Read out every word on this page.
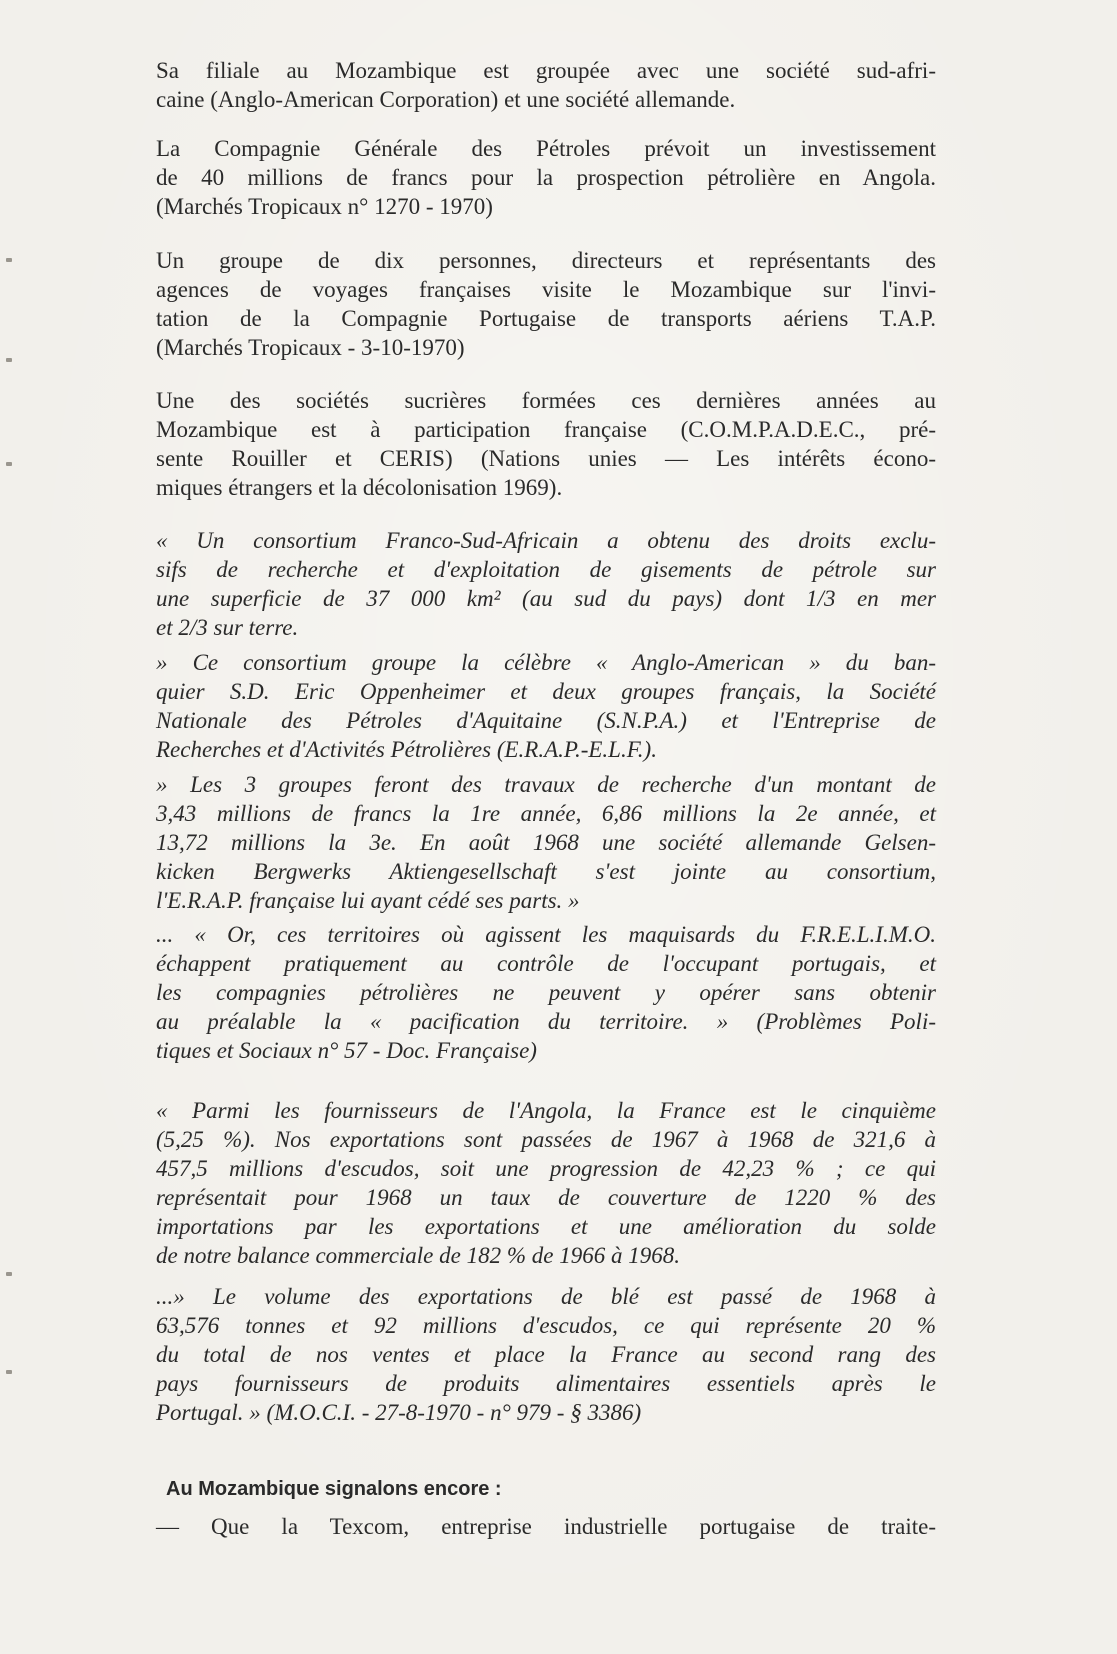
Sa filiale au Mozambique est groupée avec une société sud-afri-
caine (Anglo-American Corporation) et une société allemande.
La Compagnie Générale des Pétroles prévoit un investissement
de 40 millions de francs pour la prospection pétrolière en Angola.
(Marchés Tropicaux n° 1270 - 1970)
Un groupe de dix personnes, directeurs et représentants des
agences de voyages françaises visite le Mozambique sur l'invi-
tation de la Compagnie Portugaise de transports aériens T.A.P.
(Marchés Tropicaux - 3-10-1970)
Une des sociétés sucrières formées ces dernières années au
Mozambique est à participation française (C.O.M.P.A.D.E.C., pré-
sente Rouiller et CERIS) (Nations unies — Les intérêts écono-
miques étrangers et la décolonisation 1969).
« Un consortium Franco-Sud-Africain a obtenu des droits exclu-
sifs de recherche et d'exploitation de gisements de pétrole sur
une superficie de 37 000 km² (au sud du pays) dont 1/3 en mer
et 2/3 sur terre.
» Ce consortium groupe la célèbre « Anglo-American » du ban-
quier S.D. Eric Oppenheimer et deux groupes français, la Société
Nationale des Pétroles d'Aquitaine (S.N.P.A.) et l'Entreprise de
Recherches et d'Activités Pétrolières (E.R.A.P.-E.L.F.).
» Les 3 groupes feront des travaux de recherche d'un montant de
3,43 millions de francs la 1re année, 6,86 millions la 2e année, et
13,72 millions la 3e. En août 1968 une société allemande Gelsen-
kicken Bergwerks Aktiengesellschaft s'est jointe au consortium,
l'E.R.A.P. française lui ayant cédé ses parts. »
... « Or, ces territoires où agissent les maquisards du F.R.E.L.I.M.O.
échappent pratiquement au contrôle de l'occupant portugais, et
les compagnies pétrolières ne peuvent y opérer sans obtenir
au préalable la « pacification du territoire. » (Problèmes Poli-
tiques et Sociaux n° 57 - Doc. Française)
« Parmi les fournisseurs de l'Angola, la France est le cinquième
(5,25 %). Nos exportations sont passées de 1967 à 1968 de 321,6 à
457,5 millions d'escudos, soit une progression de 42,23 % ; ce qui
représentait pour 1968 un taux de couverture de 1220 % des
importations par les exportations et une amélioration du solde
de notre balance commerciale de 182 % de 1966 à 1968.
...» Le volume des exportations de blé est passé de 1968 à
63,576 tonnes et 92 millions d'escudos, ce qui représente 20 %
du total de nos ventes et place la France au second rang des
pays fournisseurs de produits alimentaires essentiels après le
Portugal. » (M.O.C.I. - 27-8-1970 - n° 979 - § 3386)
Au Mozambique signalons encore :
— Que la Texcom, entreprise industrielle portugaise de traite-
